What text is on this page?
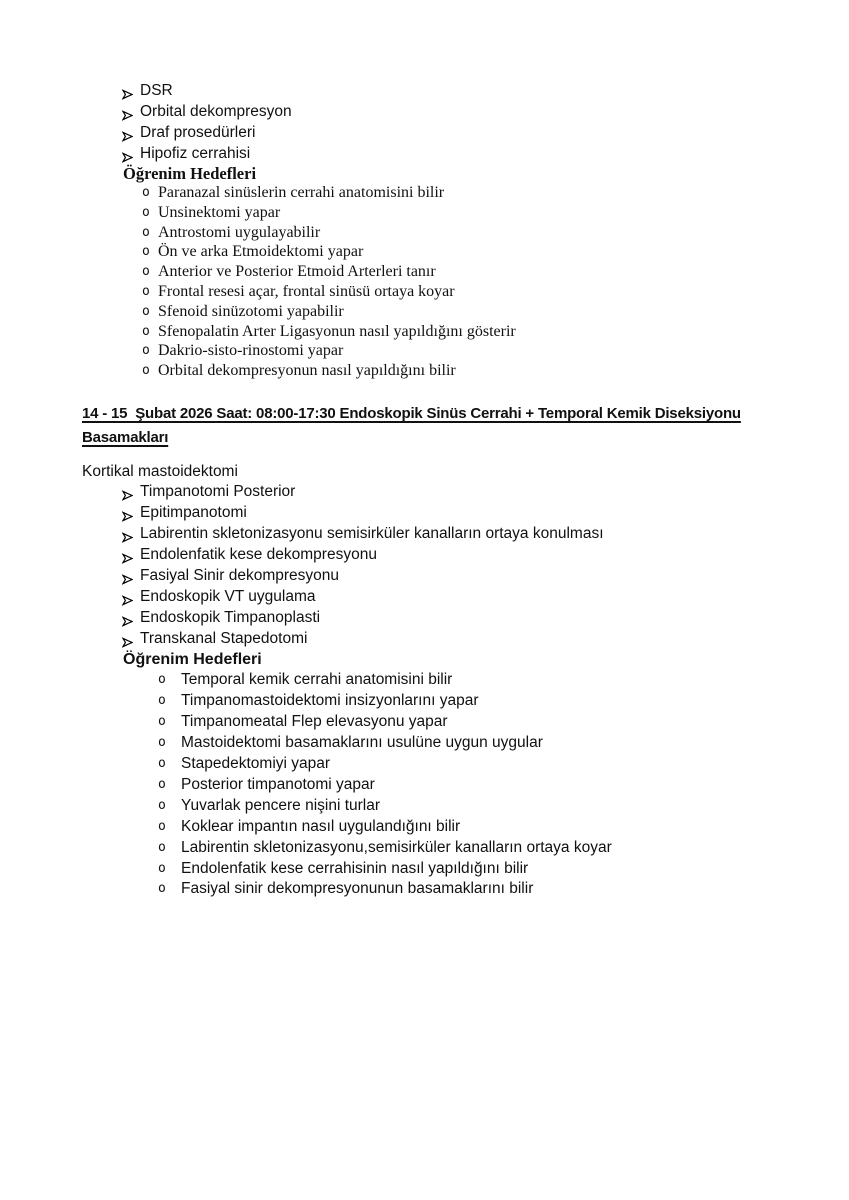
DSR
Orbital dekompresyon
Draf prosedürleri
Hipofiz cerrahisi
Öğrenim Hedefleri
o Paranazal sinüslerin cerrahi anatomisini bilir
o Unsinektomi yapar
o Antrostomi uygulayabilir
o Ön ve arka Etmoidektomi yapar
o Anterior ve Posterior Etmoid Arterleri tanır
o Frontal resesi açar, frontal sinüsü ortaya koyar
o Sfenoid sinüzotomi yapabilir
o Sfenopalatin Arter Ligasyonun nasıl yapıldığını gösterir
o Dakrio-sisto-rinostomi yapar
o Orbital dekompresyonun nasıl yapıldığını bilir
14 - 15  Şubat 2026 Saat: 08:00-17:30 Endoskopik Sinüs Cerrahi + Temporal Kemik Diseksiyonu
Basamakları
Kortikal mastoidektomi
Timpanotomi Posterior
Epitimpanotomi
Labirentin skletonizasyonu semisirküler kanalların ortaya konulması
Endolenfatik kese dekompresyonu
Fasiyal Sinir dekompresyonu
Endoskopik VT uygulama
Endoskopik Timpanoplasti
Transkanal Stapedotomi
Öğrenim Hedefleri
o Temporal kemik cerrahi anatomisini bilir
o Timpanomastoidektomi insizyonlarını yapar
o Timpanomeatal Flep elevasyonu yapar
o Mastoidektomi basamaklarını usulüne uygun uygular
o Stapedektomiyi yapar
o Posterior timpanotomi yapar
o Yuvarlak pencere nişini turlar
o Koklear impantın nasıl uygulandığını bilir
o Labirentin skletonizasyonu,semisirküler kanalların ortaya koyar
o Endolenfatik kese cerrahisinin nasıl yapıldığını bilir
o Fasiyal sinir dekompresyonunun basamaklarını bilir
